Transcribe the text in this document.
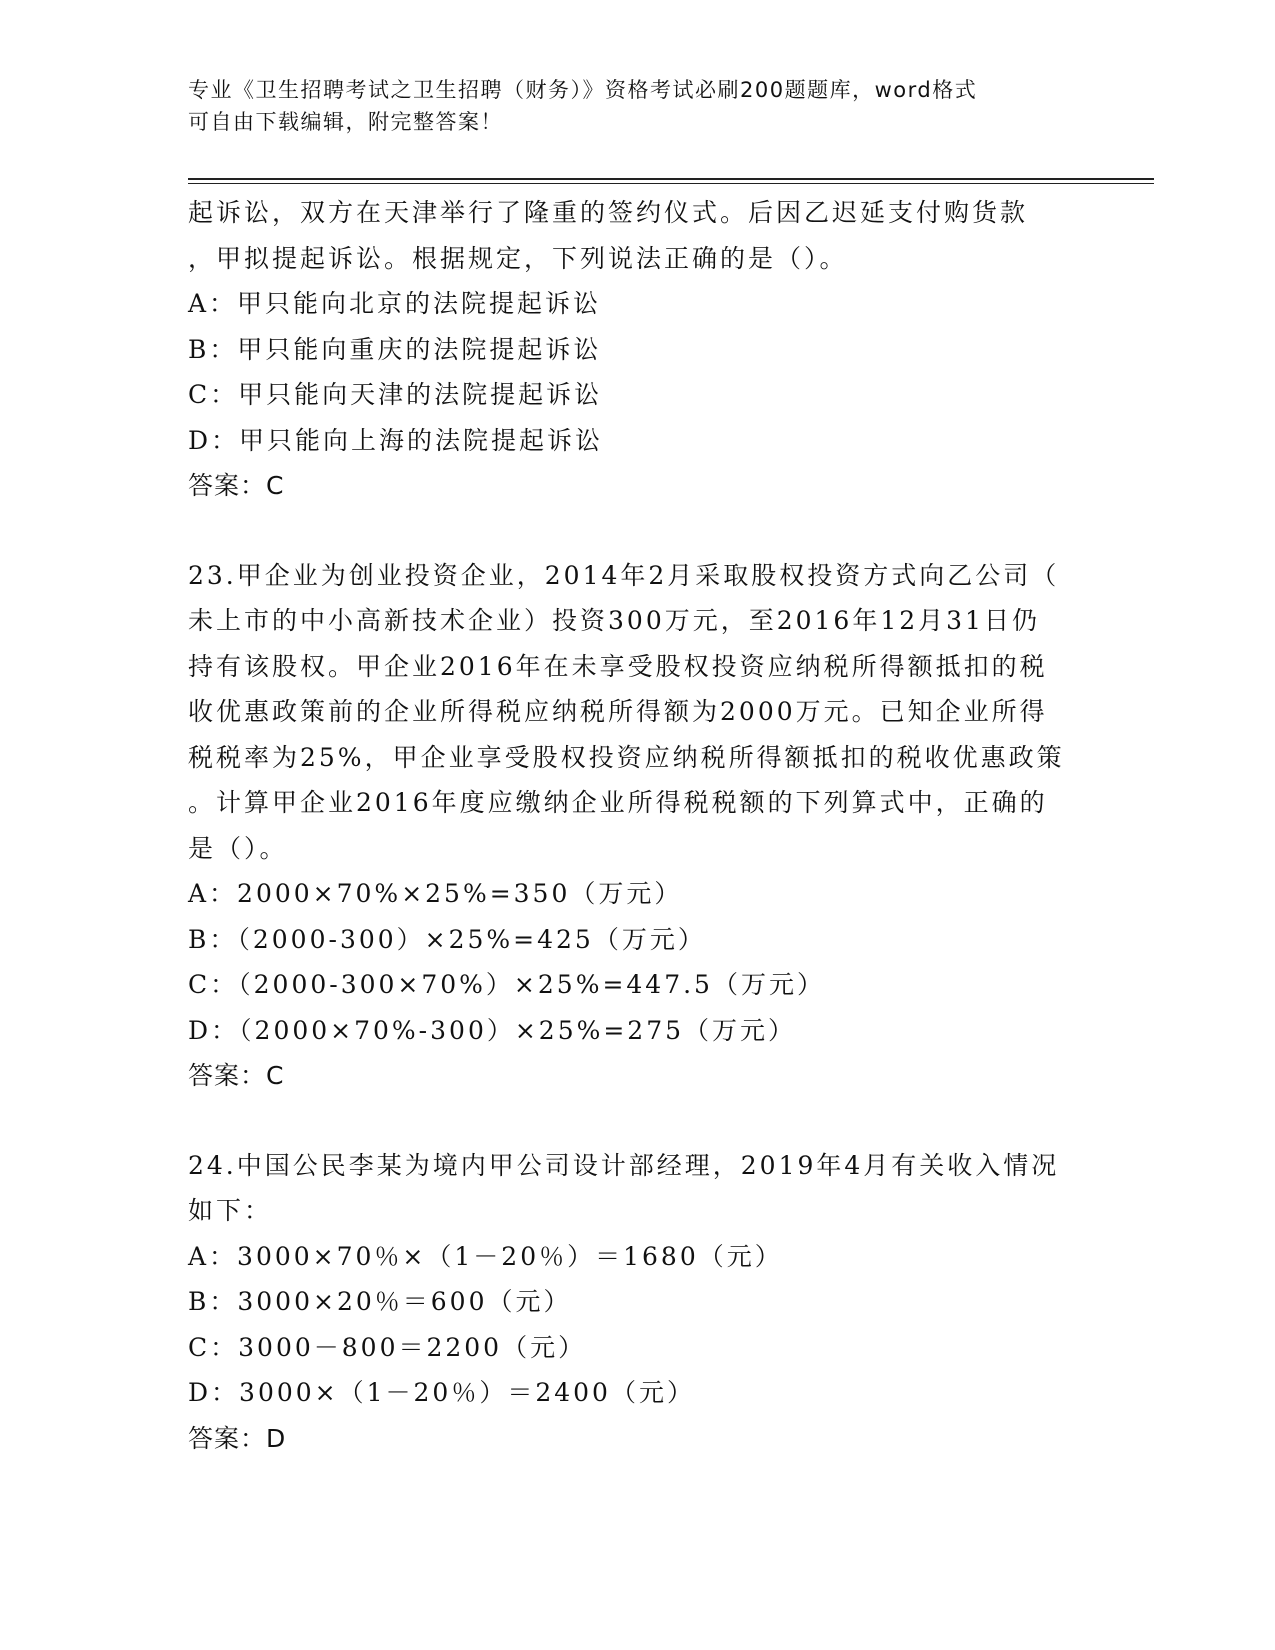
专业《卫生招聘考试之卫生招聘（财务）》资格考试必刷200题题库，word格式
可自由下载编辑，附完整答案！
起诉讼，双方在天津举行了隆重的签约仪式。后因乙迟延支付购货款
，甲拟提起诉讼。根据规定，下列说法正确的是（）。
A：甲只能向北京的法院提起诉讼
B：甲只能向重庆的法院提起诉讼
C：甲只能向天津的法院提起诉讼
D：甲只能向上海的法院提起诉讼
答案：C
23.甲企业为创业投资企业，2014年2月采取股权投资方式向乙公司（
未上市的中小高新技术企业）投资300万元，至2016年12月31日仍
持有该股权。甲企业2016年在未享受股权投资应纳税所得额抵扣的税
收优惠政策前的企业所得税应纳税所得额为2000万元。已知企业所得
税税率为25%，甲企业享受股权投资应纳税所得额抵扣的税收优惠政策
。计算甲企业2016年度应缴纳企业所得税税额的下列算式中，正确的
是（）。
A：2000×70%×25%=350（万元）
B：（2000-300）×25%=425（万元）
C：（2000-300×70%）×25%=447.5（万元）
D：（2000×70%-300）×25%=275（万元）
答案：C
24.中国公民李某为境内甲公司设计部经理，2019年4月有关收入情况
如下：
A：3000×70％×（1－20％）＝1680（元）
B：3000×20％＝600（元）
C：3000－800＝2200（元）
D：3000×（1－20％）＝2400（元）
答案：D
